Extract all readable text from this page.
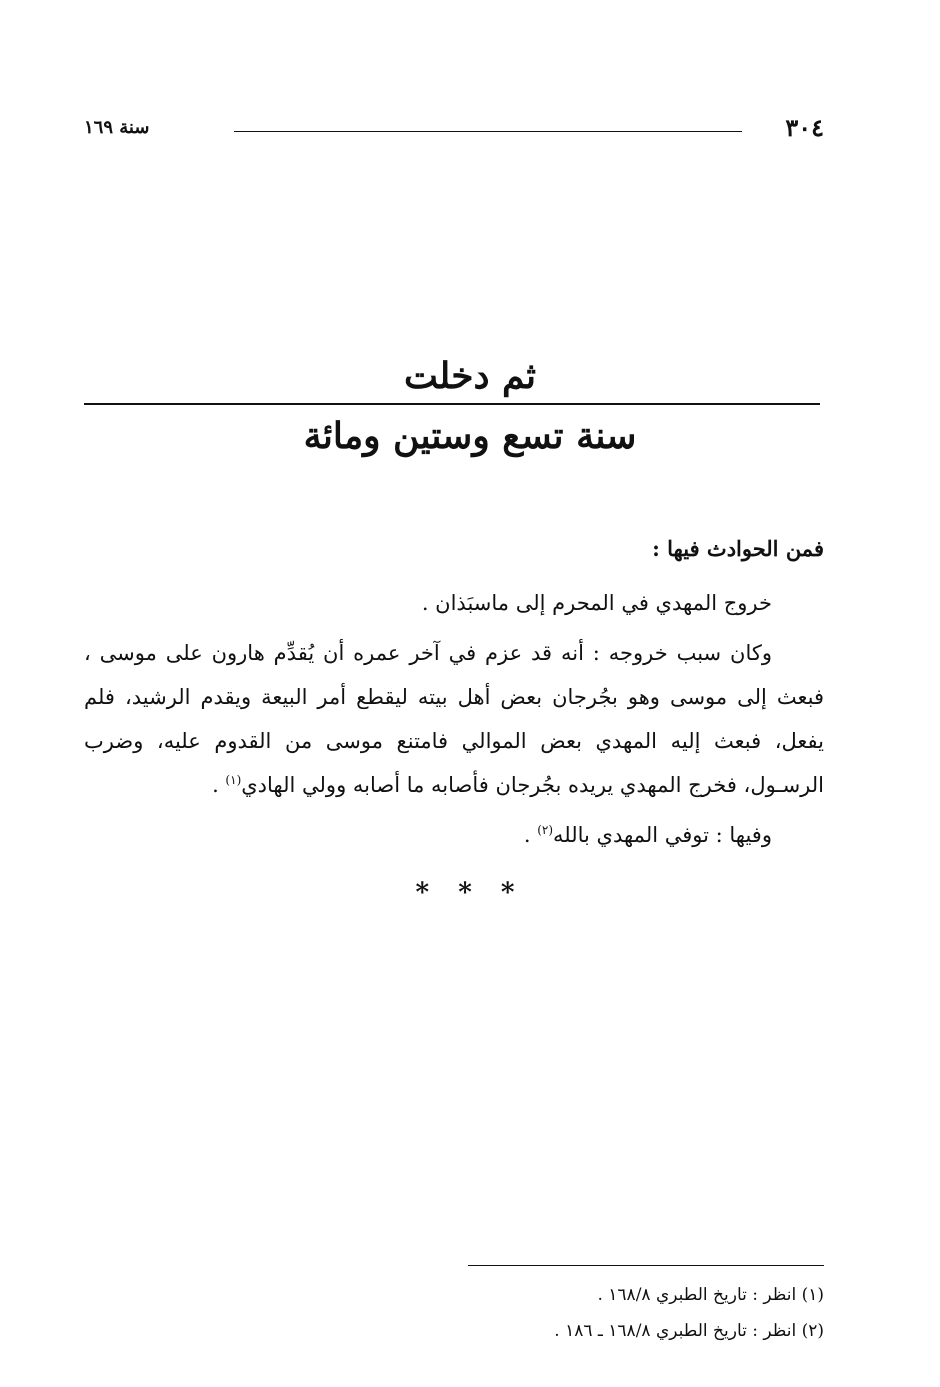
٣٠٤
سنة ١٦٩
ثم دخلت
سنة تسع وستين ومائة

فمن الحوادث فيها :

خروج المهدي في المحرم إلى ماسبَذان .

وكان سبب خروجه : أنه قد عزم في آخر عمره أن يُقدِّم هارون على موسى ، فبعث إلى موسى وهو بجُرجان بعض أهل بيته ليقطع أمر البيعة ويقدم الرشيد، فلم يفعل، فبعث إليه المهدي بعض الموالي فامتنع موسى من القدوم عليه، وضرب الرسـول، فخرج المهدي يريده بجُرجان فأصابه ما أصابه وولي الهادي$^{(١)}$ .

وفيها : توفي المهدي بالله$^{(٢)}$ .

* * *

(١) انظر : تاريخ الطبري ١٦٨/٨ .

(٢) انظر : تاريخ الطبري ١٦٨/٨ ـ ١٨٦ .
